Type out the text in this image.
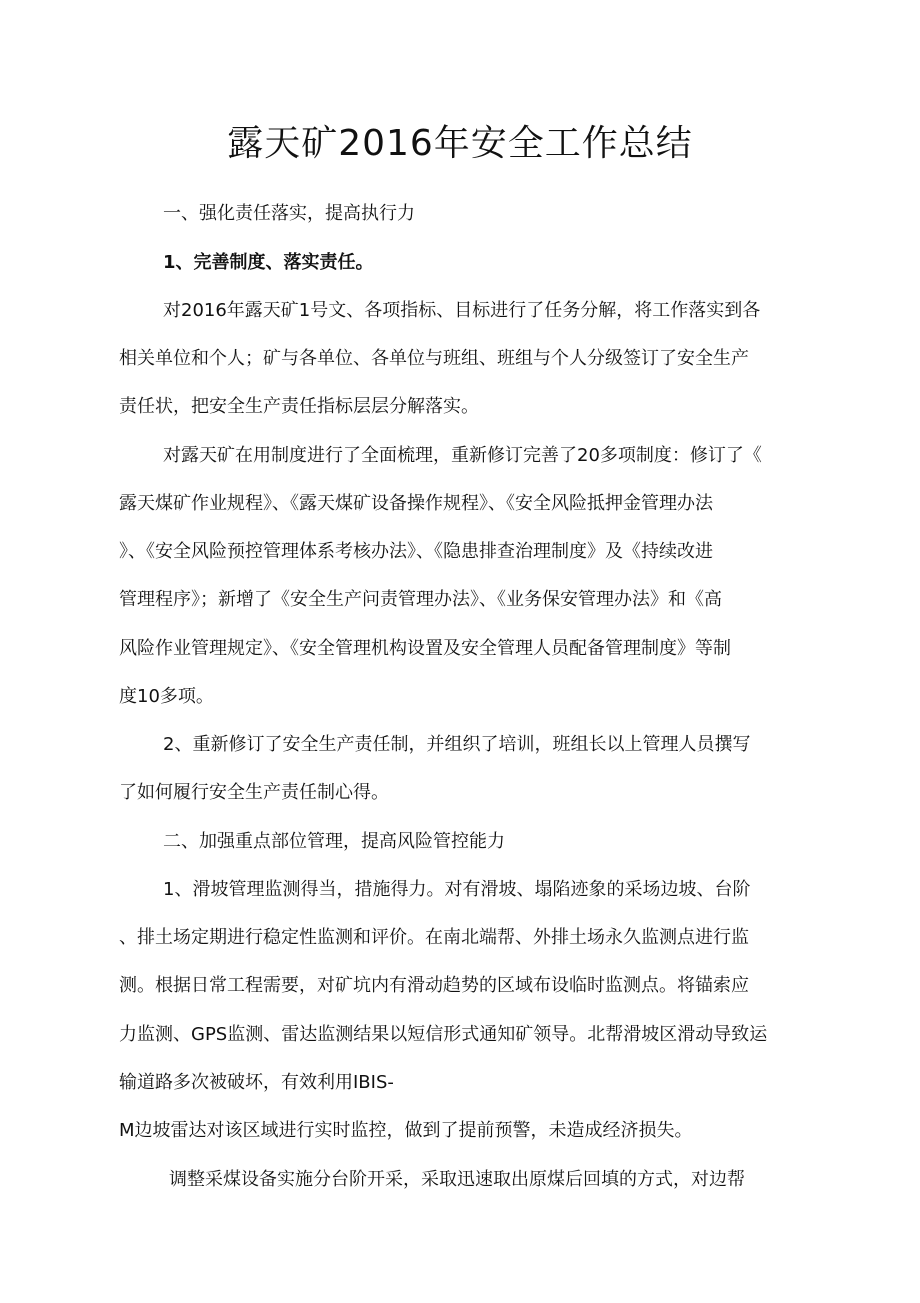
露天矿2016年安全工作总结
一、强化责任落实，提高执行力
1、完善制度、落实责任。
对2016年露天矿1号文、各项指标、目标进行了任务分解，将工作落实到各
相关单位和个人；矿与各单位、各单位与班组、班组与个人分级签订了安全生产
责任状，把安全生产责任指标层层分解落实。
对露天矿在用制度进行了全面梳理，重新修订完善了20多项制度：修订了《
露天煤矿作业规程》、《露天煤矿设备操作规程》、《安全风险抵押金管理办法
》、《安全风险预控管理体系考核办法》、《隐患排查治理制度》及《持续改进
管理程序》；新增了《安全生产问责管理办法》、《业务保安管理办法》和《高
风险作业管理规定》、《安全管理机构设置及安全管理人员配备管理制度》等制
度10多项。
2、重新修订了安全生产责任制，并组织了培训，班组长以上管理人员撰写
了如何履行安全生产责任制心得。
二、加强重点部位管理，提高风险管控能力
1、滑坡管理监测得当，措施得力。对有滑坡、塌陷迹象的采场边坡、台阶
、排土场定期进行稳定性监测和评价。在南北端帮、外排土场永久监测点进行监
测。根据日常工程需要，对矿坑内有滑动趋势的区域布设临时监测点。将锚索应
力监测、GPS监测、雷达监测结果以短信形式通知矿领导。北帮滑坡区滑动导致运
输道路多次被破坏，有效利用IBIS-
M边坡雷达对该区域进行实时监控，做到了提前预警，未造成经济损失。
调整采煤设备实施分台阶开采，采取迅速取出原煤后回填的方式，对边帮
